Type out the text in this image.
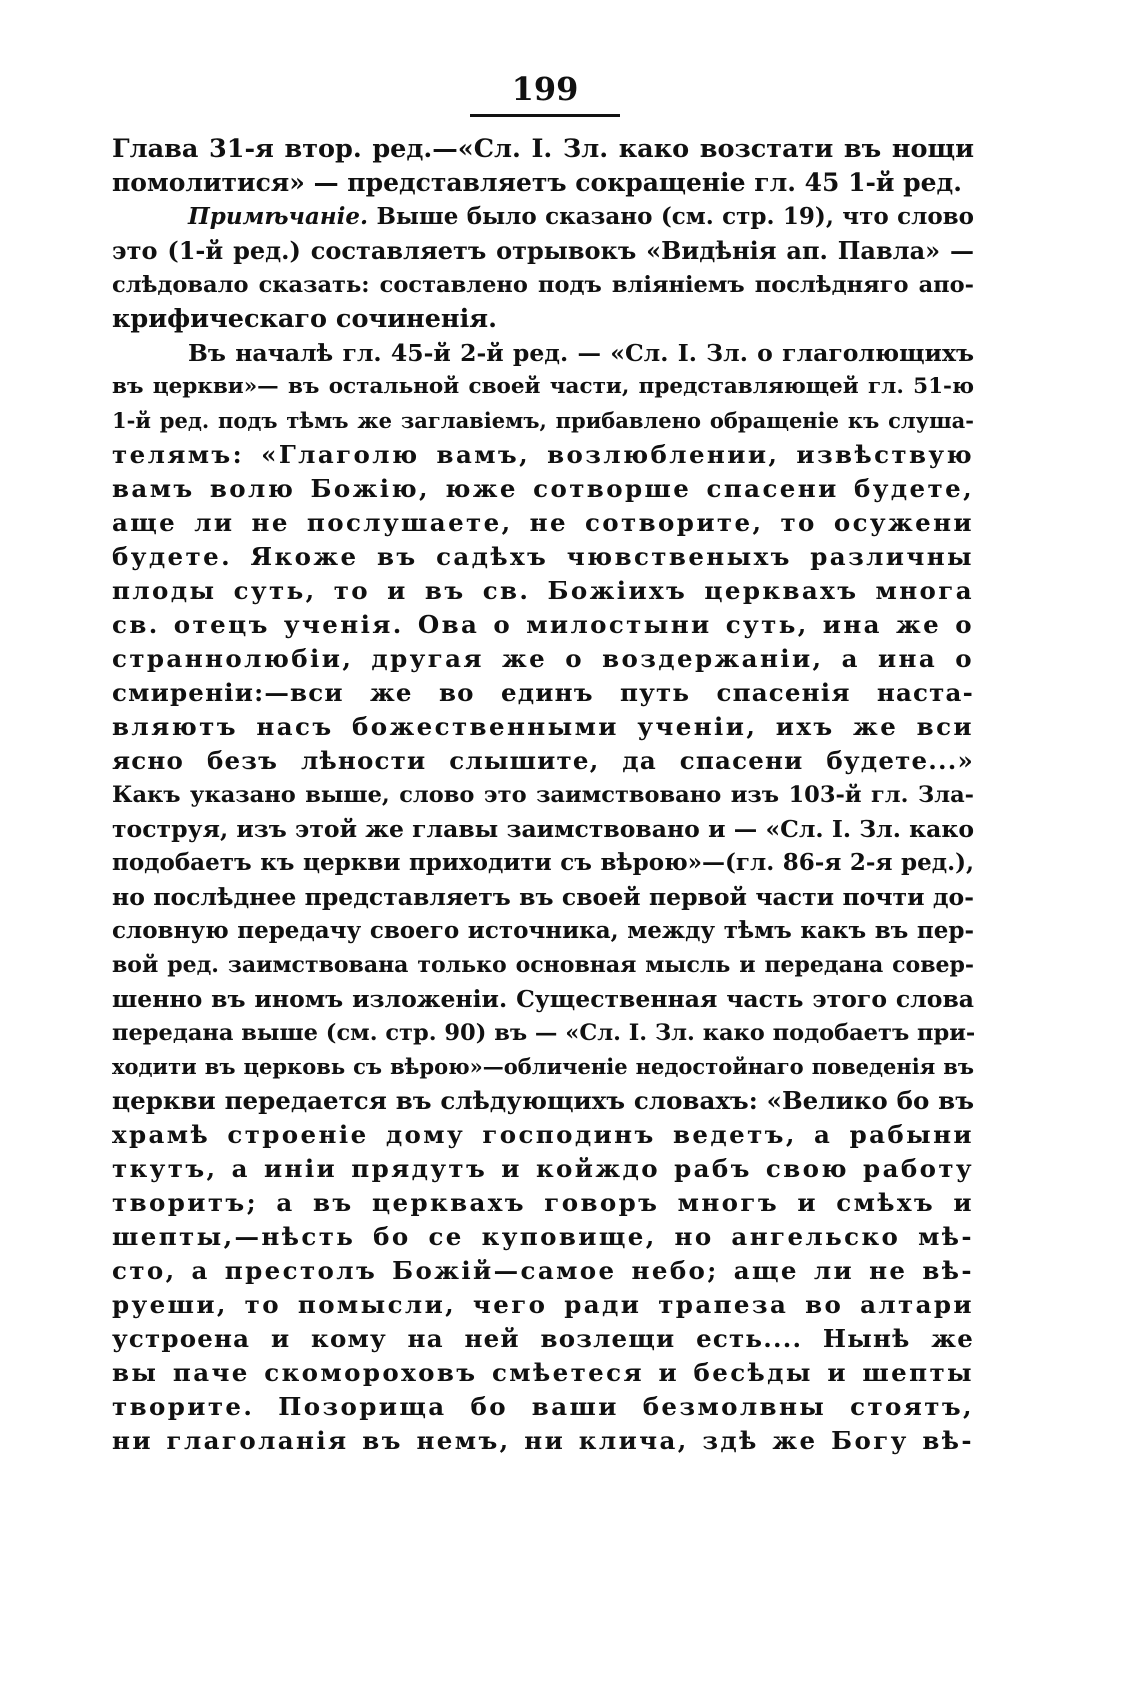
199
Глава 31-я втор. ред.—«Сл. І. Зл. како возстати въ нощи
помолитися» — представляетъ сокращеніе гл. 45 1-й ред.
Примѣчаніе. Выше было сказано (см. стр. 19), что слово
это (1-й ред.) составляетъ отрывокъ «Видѣнія ап. Павла» —
слѣдовало сказать: составлено подъ вліяніемъ послѣдняго апо-
крифическаго сочиненія.
Въ началѣ гл. 45-й 2-й ред. — «Сл. І. Зл. о глаголющихъ
въ церкви»— въ остальной своей части, представляющей гл. 51-ю
1-й ред. подъ тѣмъ же заглавіемъ, прибавлено обращеніе къ слуша-
телямъ: «Глаголю вамъ, возлюблении, извѣствую
вамъ волю Божію, юже сотворше спасени будете,
аще ли не послушаете, не сотворите, то осужени
будете. Якоже въ садѣхъ чювственыхъ различны
плоды суть, то и въ св. Божіихъ церквахъ многа
св. отецъ ученія. Ова о милостыни суть, ина же о
страннолюбіи, другая же о воздержаніи, а ина о
смиреніи:—вси же во единъ путь спасенія наста-
вляютъ насъ божественными ученіи, ихъ же вси
ясно безъ лѣности слышите, да спасени будете...»
Какъ указано выше, слово это заимствовано изъ 103-й гл. Зла-
тоструя, изъ этой же главы заимствовано и — «Сл. І. Зл. како
подобаетъ къ церкви приходити съ вѣрою»—(гл. 86-я 2-я ред.),
но послѣднее представляетъ въ своей первой части почти до-
словную передачу своего источника, между тѣмъ какъ въ пер-
вой ред. заимствована только основная мысль и передана совер-
шенно въ иномъ изложеніи. Существенная часть этого слова
передана выше (см. стр. 90) въ — «Сл. І. Зл. како подобаетъ при-
ходити въ церковь съ вѣрою»—обличеніе недостойнаго поведенія въ
церкви передается въ слѣдующихъ словахъ: «Велико бо въ
храмѣ строеніе дому господинъ ведетъ, а рабыни
ткутъ, а иніи прядутъ и койждо рабъ свою работу
творитъ; а въ церквахъ говоръ многъ и смѣхъ и
шепты,—нѣсть бо се куповище, но ангельско мѣ-
сто, а престолъ Божій—самое небо; аще ли не вѣ-
руеши, то помысли, чего ради трапеза во алтари
устроена и кому на ней возлещи есть.... Нынѣ же
вы паче скомороховъ смѣетеся и бесѣды и шепты
творите. Позорища бо ваши безмолвны стоятъ,
ни глаголанія въ немъ, ни клича, здѣ же Богу вѣ-
